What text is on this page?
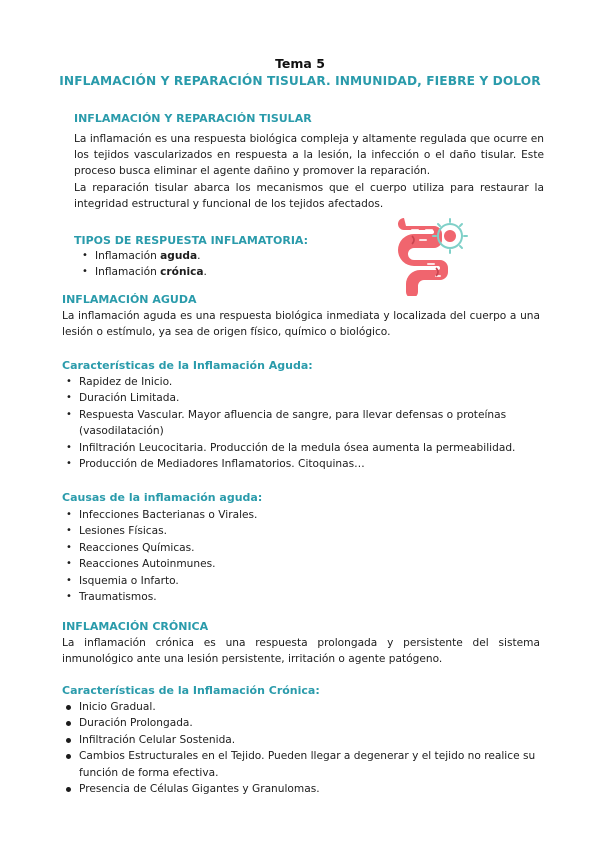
Tema 5
INFLAMACIÓN Y REPARACIÓN TISULAR. INMUNIDAD, FIEBRE Y DOLOR
INFLAMACIÓN Y REPARACIÓN TISULAR
La inflamación es una respuesta biológica compleja y altamente regulada que ocurre en los tejidos vascularizados en respuesta a la lesión, la infección o el daño tisular. Este proceso busca eliminar el agente dañino y promover la reparación.
La reparación tisular abarca los mecanismos que el cuerpo utiliza para restaurar la integridad estructural y funcional de los tejidos afectados.
TIPOS DE RESPUESTA INFLAMATORIA:
• Inflamación aguda.
• Inflamación crónica.
INFLAMACIÓN AGUDA
La inflamación aguda es una respuesta biológica inmediata y localizada del cuerpo a una lesión o estímulo, ya sea de origen físico, químico o biológico.
Características de la Inflamación Aguda:
• Rapidez de Inicio.
• Duración Limitada.
• Respuesta Vascular. Mayor afluencia de sangre, para llevar defensas o proteínas (vasodilatación)
• Infiltración Leucocitaria. Producción de la medula ósea aumenta la permeabilidad.
• Producción de Mediadores Inflamatorios. Citoquinas…
Causas de la inflamación aguda:
• Infecciones Bacterianas o Virales.
• Lesiones Físicas.
• Reacciones Químicas.
• Reacciones Autoinmunes.
• Isquemia o Infarto.
• Traumatismos.
INFLAMACIÓN CRÓNICA
La inflamación crónica es una respuesta prolongada y persistente del sistema inmunológico ante una lesión persistente, irritación o agente patógeno.
Características de la Inflamación Crónica:
Inicio Gradual.
Duración Prolongada.
Infiltración Celular Sostenida.
Cambios Estructurales en el Tejido. Pueden llegar a degenerar y el tejido no realice su función de forma efectiva.
Presencia de Células Gigantes y Granulomas.
